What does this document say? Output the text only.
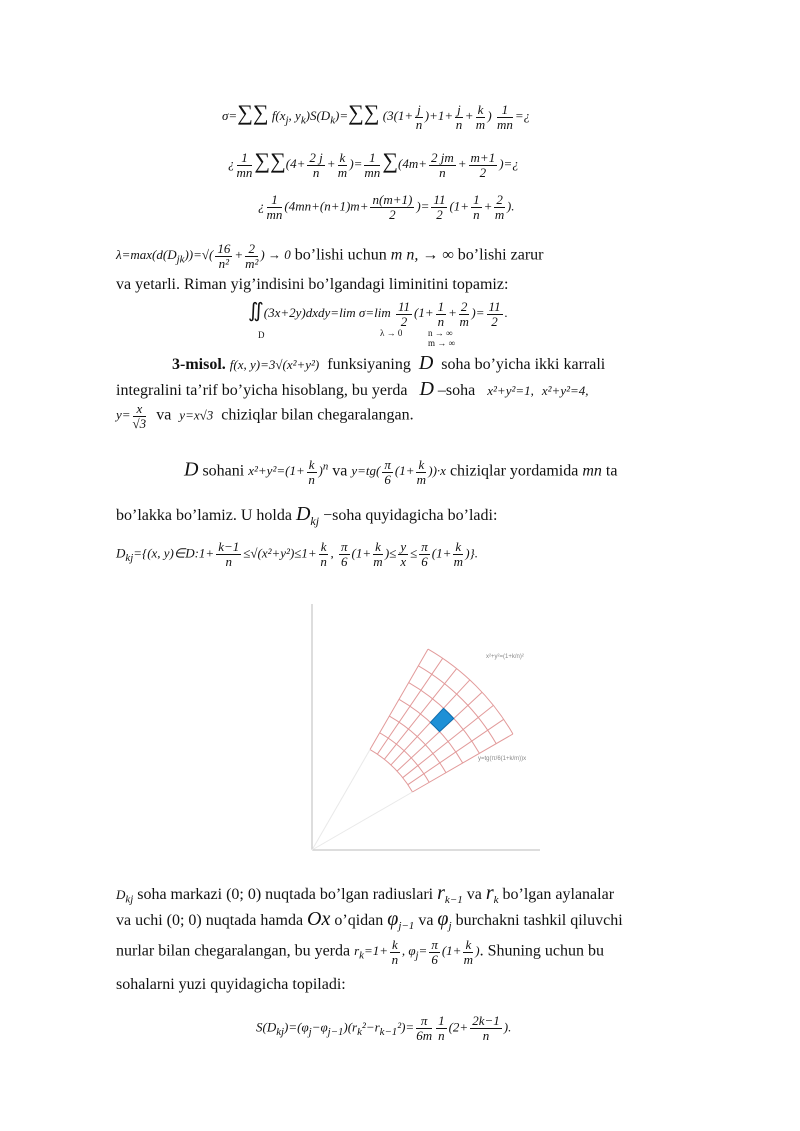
σ=∑∑ $f(x_j$, $y_k)S(D_k)=\sum\sum$ ($3(1+ \frac{j}{n} )+1+ \frac{j}{n} + \frac{k}{m}$ ) $\frac{1}{mn}$ =¿
¿ $\frac{1}{mn} \sum\sum(4+ \frac{2 j}{n} + \frac{k}{m}$ )= $\frac{1}{mn} \sum(4m+ \frac{2 jm}{n} + \frac{m+1}{2}$ )=¿
¿ $\frac{1}{mn} (4mn+(n+1)m+ \frac{n(m+1)}{2}$ )= $\frac{11}{2} (1+ \frac{1}{n} + \frac{2}{m}$ ).
$\lambda=\max(d(D_{jk}))=√( \frac{16}{\text{n²}} + \frac{2}{\text{m²}}$ ) → 0 bo’lishi uchun m n, → ∞ bo’lishi zarur
va yetarli. Riman yig’indisini bo’lgandagi liminitini topamiz:
∬(3x+2y)dxdy=lim $\sigma=\lim \frac{11}{2} (1+ \frac{1}{n} + \frac{2}{m}$ )= $\frac{11}{2}$ .
D	λ → 0	n → ∞
m → ∞
3-misol. f(x, y)=3√(x²+y²) funksiyaning D soha bo’yicha ikki karrali
integralini ta’rif bo’yicha hisoblang, bu yerda D –soha x²+y²=1, x²+y²=4,
$y= \frac{x}{√3}$ va y=x√3 chiziqlar bilan chegaralangan.
D sohani $x^2+y^2=(1+ \frac{k}{n} )^n$ va $y=tg( \frac{\pi}{6} (1+ \frac{k}{m} ))\cdot x$ chiziqlar yordamida mn ta
bo’lakka bo’lamiz. U holda $D_{kj}$ −soha quyidagicha bo’ladi:
$D_{kj}=\{(x$, y)∈D:1+ $\frac{k-1}{n} \le√(x^2+y^2)\le 1+ \frac{k}{n}$ , $\frac{\pi}{6} (1+ \frac{k}{m}$ )≤ $\frac{y}{x} \le \frac{\pi}{6} (1+ \frac{k}{m}$ )}.
x²+y²=(1+k/n)²
y=tg(π/6(1+k/m))x
$D_{kj}$ soha markazi (0; 0) nuqtada bo’lgan radiuslari $r_{k-1}$ va $r_k$ bo’lgan aylanalar
va uchi (0; 0) nuqtada hamda Ox o’qidan $\varphi_{j-1}$ va $\varphi_j$ burchakni tashkil qiluvchi
nurlar bilan chegaralangan, bu yerda $r_k=1+ \frac{k}{n}$ , $\varphi_j= \frac{\pi}{6} (1+ \frac{k}{m}$ ). Shuning uchun bu
sohalarni yuzi quyidagicha topiladi:
$S(D_{kj})=(\varphi_j-\varphi_{j-1})(r_k^2-r_{k-1}^2)= \frac{\pi}{6m} \frac{1}{n} (2+ \frac{2k-1}{n}$ ).
